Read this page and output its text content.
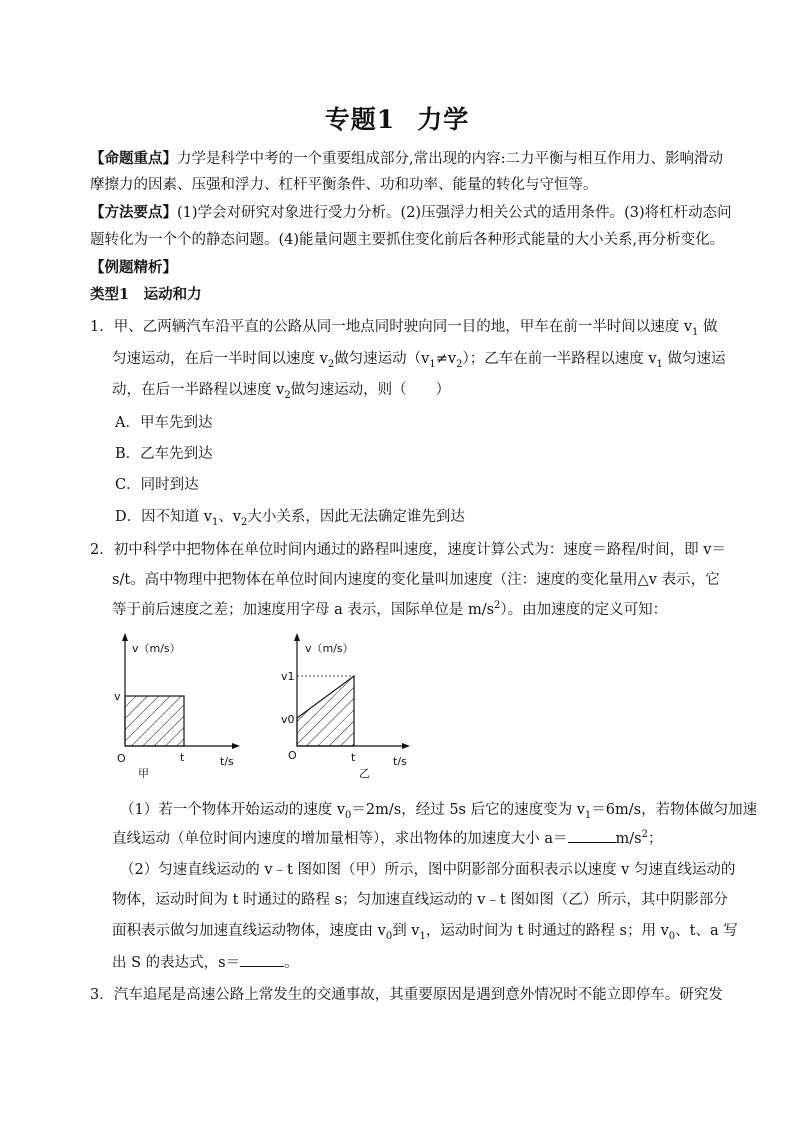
专题1 力学
【命题重点】力学是科学中考的一个重要组成部分,常出现的内容:二力平衡与相互作用力、影响滑动
摩擦力的因素、压强和浮力、杠杆平衡条件、功和功率、能量的转化与守恒等。
【方法要点】(1)学会对研究对象进行受力分析。(2)压强浮力相关公式的适用条件。(3)将杠杆动态问
题转化为一个个的静态问题。(4)能量问题主要抓住变化前后各种形式能量的大小关系,再分析变化。
【例题精析】
类型1　运动和力
1．甲、乙两辆汽车沿平直的公路从同一地点同时驶向同一目的地，甲车在前一半时间以速度 $v_1$ 做
匀速运动，在后一半时间以速度 $v_2$做匀速运动$(v_1\ne v_2)$；乙车在前一半路程以速度 $v_1$ 做匀速运
动，在后一半路程以速度 $v_2$做匀速运动，则（　　）
A．甲车先到达
B．乙车先到达
C．同时到达
D．因不知道 $v_1$、$v_2$大小关系，因此无法确定谁先到达
2．初中科学中把物体在单位时间内通过的路程叫速度，速度计算公式为：速度＝路程/时间，即 v＝
s/t。高中物理中把物体在单位时间内速度的变化量叫加速度（注：速度的变化量用△v 表示，它
等于前后速度之差；加速度用字母 a 表示，国际单位是 $m/s^2$）。由加速度的定义可知：
v（m/s）
v
O	t	t/s
甲
v（m/s）
v1
v0
O	t	t/s
乙
（1）若一个物体开始运动的速度 $v_0=2m/s$，经过 5s 后它的速度变为 $v_1=6m/s$，若物体做匀加速
直线运动（单位时间内速度的增加量相等），求出物体的加速度大小 a＝	$m/s^2$；
（2）匀速直线运动的 v﹣t 图如图（甲）所示，图中阴影部分面积表示以速度 v 匀速直线运动的
物体，运动时间为 t 时通过的路程 s；匀加速直线运动的 v﹣t 图如图（乙）所示，其中阴影部分
面积表示做匀加速直线运动物体，速度由 $v_0$到 $v_1$，运动时间为 t 时通过的路程 s；用 $v_0$、t、a 写
出 S 的表达式，s＝	。
3．汽车追尾是高速公路上常发生的交通事故，其重要原因是遇到意外情况时不能立即停车。研究发
